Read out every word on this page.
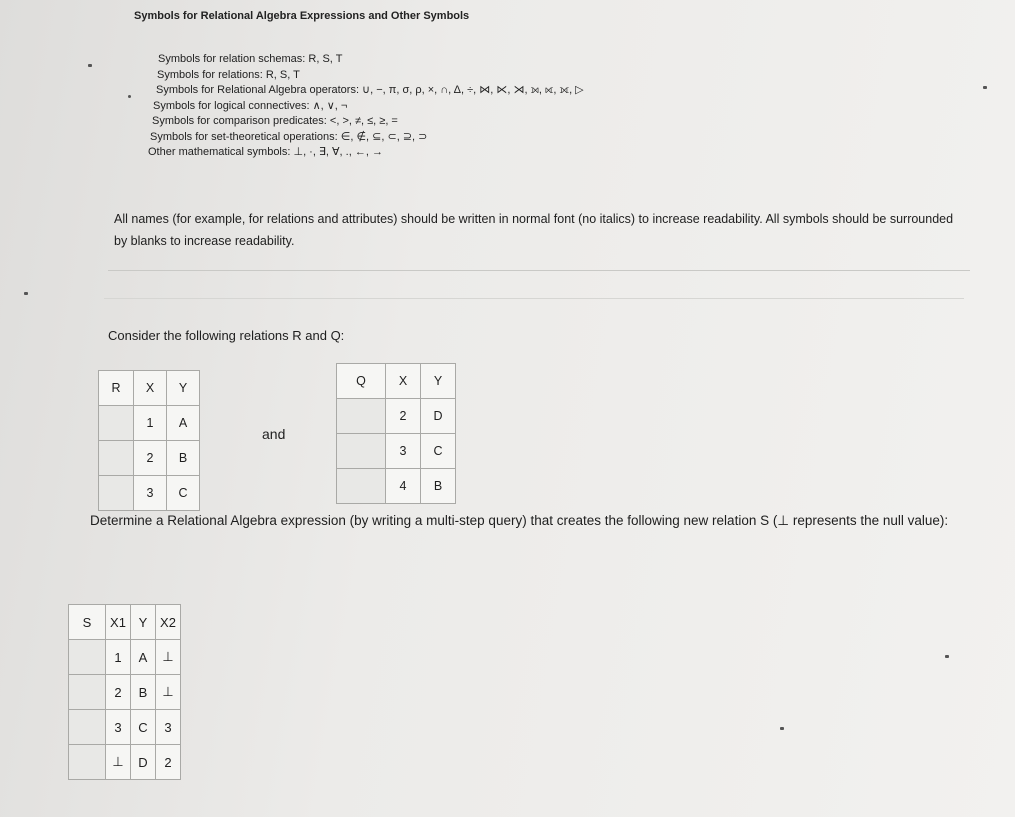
Symbols for Relational Algebra Expressions and Other Symbols
Symbols for relation schemas: R, S, T
Symbols for relations: R, S, T
Symbols for Relational Algebra operators: ∪, −, π, σ, ρ, ×, ∩, Δ, ÷, ⋈, ⋉, ⋊, ⟕, ⟖, ⟗, ▷
Symbols for logical connectives: ∧, ∨, ¬
Symbols for comparison predicates: <, >, ≠, ≤, ≥, =
Symbols for set-theoretical operations: ∈, ∉, ⊆, ⊂, ⊇, ⊃
Other mathematical symbols: ⊥, ·, ∃, ∀, ., ←, →
All names (for example, for relations and attributes) should be written in normal font (no italics) to increase readability. All symbols should be surrounded by blanks to increase readability.
Consider the following relations R and Q:
R	X	Y
	1	A
	2	B
	3	C
and
Q	X	Y
	2	D
	3	C
	4	B
Determine a Relational Algebra expression (by writing a multi-step query) that creates the following new relation S (⊥ represents the null value):
S	X1	Y	X2
	1	A	⊥
	2	B	⊥
	3	C	3
	⊥	D	2
